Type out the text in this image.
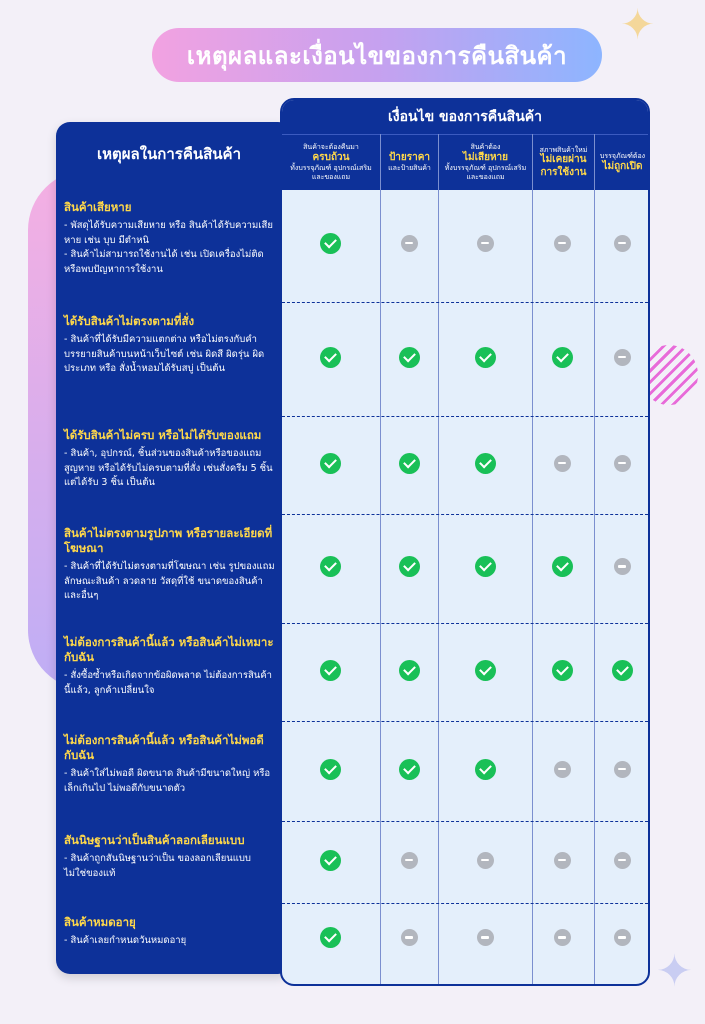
✦
✦
เหตุผลและเงื่อนไขของการคืนสินค้า
เหตุผลในการคืนสินค้า
เงื่อนไข ของการคืนสินค้า
สินค้าจะต้องคืนมา
ครบถ้วน
ทั้งบรรจุภัณฑ์ อุปกรณ์เสริม และของแถม
ป้ายราคา
และป้ายสินค้า
สินค้าต้อง
ไม่เสียหาย
ทั้งบรรจุภัณฑ์ อุปกรณ์เสริม และของแถม
สภาพสินค้าใหม่
ไม่เคยผ่านการใช้งาน
บรรจุภัณฑ์ต้อง
ไม่ถูกเปิด
สินค้าเสียหาย
- พัสดุได้รับความเสียหาย หรือ สินค้าได้รับความเสียหาย เช่น บุบ มีตำหนิ
- สินค้าไม่สามารถใช้งานได้ เช่น เปิดเครื่องไม่ติด หรือพบปัญหาการใช้งาน
ได้รับสินค้าไม่ตรงตามที่สั่ง
- สินค้าที่ได้รับมีความแตกต่าง หรือไม่ตรงกับคำบรรยายสินค้าบนหน้าเว็บไซต์ เช่น ผิดสี ผิดรุ่น ผิดประเภท หรือ สั่งน้ำหอมได้รับสบู่ เป็นต้น
ได้รับสินค้าไม่ครบ หรือไม่ได้รับของแถม
- สินค้า, อุปกรณ์, ชิ้นส่วนของสินค้าหรือของแถมสูญหาย หรือได้รับไม่ครบตามที่สั่ง เช่นสั่งครีม 5 ชิ้น แต่ได้รับ 3 ชิ้น เป็นต้น
สินค้าไม่ตรงตามรูปภาพ หรือรายละเอียดที่โฆษณา
- สินค้าที่ได้รับไม่ตรงตามที่โฆษณา เช่น รูปของแถม ลักษณะสินค้า ลวดลาย วัสดุที่ใช้ ขนาดของสินค้า และอื่นๆ
ไม่ต้องการสินค้านี้แล้ว หรือสินค้าไม่เหมาะกับฉัน
- สั่งซื้อซ้ำหรือเกิดจากข้อผิดพลาด ไม่ต้องการสินค้านี้แล้ว, ลูกค้าเปลี่ยนใจ
ไม่ต้องการสินค้านี้แล้ว หรือสินค้าไม่พอดีกับฉัน
- สินค้าใส่ไม่พอดี ผิดขนาด สินค้ามีขนาดใหญ่ หรือเล็กเกินไป ไม่พอดีกับขนาดตัว
สันนิษฐานว่าเป็นสินค้าลอกเลียนแบบ
- สินค้าถูกสันนิษฐานว่าเป็น ของลอกเลียนแบบ ไม่ใช่ของแท้
สินค้าหมดอายุ
- สินค้าเลยกำหนดวันหมดอายุ
